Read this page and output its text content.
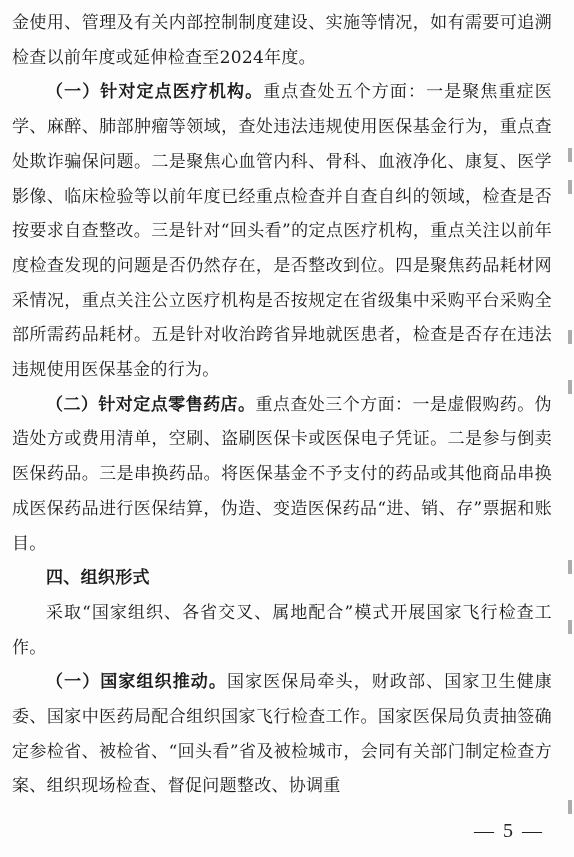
金使用、管理及有关内部控制制度建设、实施等情况，如有需要可追溯检查以前年度或延伸检查至2024年度。

（一）针对定点医疗机构。重点查处五个方面：一是聚焦重症医学、麻醉、肺部肿瘤等领域，查处违法违规使用医保基金行为，重点查处欺诈骗保问题。二是聚焦心血管内科、骨科、血液净化、康复、医学影像、临床检验等以前年度已经重点检查并自查自纠的领域，检查是否按要求自查整改。三是针对“回头看”的定点医疗机构，重点关注以前年度检查发现的问题是否仍然存在，是否整改到位。四是聚焦药品耗材网采情况，重点关注公立医疗机构是否按规定在省级集中采购平台采购全部所需药品耗材。五是针对收治跨省异地就医患者，检查是否存在违法违规使用医保基金的行为。

（二）针对定点零售药店。重点查处三个方面：一是虚假购药。伪造处方或费用清单，空刷、盗刷医保卡或医保电子凭证。二是参与倒卖医保药品。三是串换药品。将医保基金不予支付的药品或其他商品串换成医保药品进行医保结算，伪造、变造医保药品“进、销、存”票据和账目。

四、组织形式

采取“国家组织、各省交叉、属地配合”模式开展国家飞行检查工作。

（一）国家组织推动。国家医保局牵头，财政部、国家卫生健康委、国家中医药局配合组织国家飞行检查工作。国家医保局负责抽签确定参检省、被检省、“回头看”省及被检城市，会同有关部门制定检查方案、组织现场检查、督促问题整改、协调重

— 5 —
